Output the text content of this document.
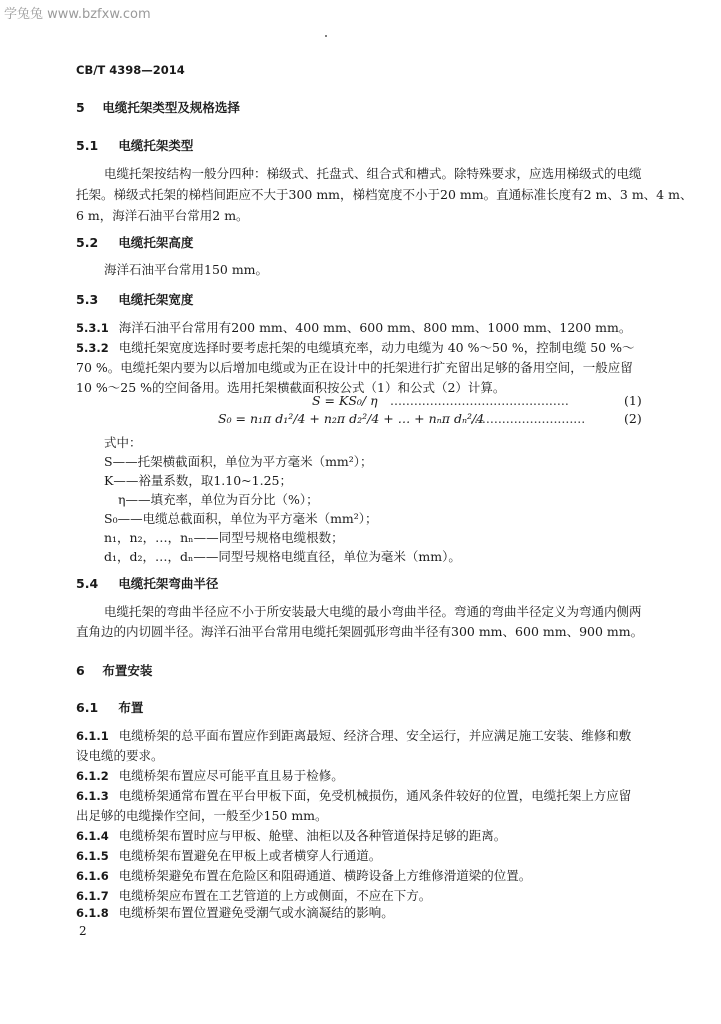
学兔兔 www.bzfxw.com
CB/T 4398—2014
5 电缆托架类型及规格选择
5.1 电缆托架类型
电缆托架按结构一般分四种：梯级式、托盘式、组合式和槽式。除特殊要求，应选用梯级式的电缆
托架。梯级式托架的梯档间距应不大于300 mm，梯档宽度不小于20 mm。直通标准长度有2 m、3 m、4 m、
6 m，海洋石油平台常用2 m。
5.2 电缆托架高度
海洋石油平台常用150 mm。
5.3 电缆托架宽度
5.3.1 海洋石油平台常用有200 mm、400 mm、600 mm、800 mm、1000 mm、1200 mm。
5.3.2 电缆托架宽度选择时要考虑托架的电缆填充率，动力电缆为 40 %～50 %，控制电缆 50 %～
70 %。电缆托架内要为以后增加电缆或为正在设计中的托架进行扩充留出足够的备用空间，一般应留
10 %～25 %的空间备用。选用托架横截面积按公式（1）和公式（2）计算。
S = KS₀/ η .............................................	(1)
S₀ = n₁π d₁²/4 + n₂π d₂²/4 + … + nₙπ dₙ²/4
.............................	(2)
式中：
S——托架横截面积，单位为平方毫米（mm²）；
K——裕量系数，取1.10~1.25；
η——填充率，单位为百分比（%）；
S₀——电缆总截面积，单位为平方毫米（mm²）；
n₁，n₂，…，nₙ——同型号规格电缆根数；
d₁，d₂，…，dₙ——同型号规格电缆直径，单位为毫米（mm）。
5.4 电缆托架弯曲半径
电缆托架的弯曲半径应不小于所安装最大电缆的最小弯曲半径。弯通的弯曲半径定义为弯通内侧两
直角边的内切圆半径。海洋石油平台常用电缆托架圆弧形弯曲半径有300 mm、600 mm、900 mm。
6 布置安装
6.1 布置
6.1.1 电缆桥架的总平面布置应作到距离最短、经济合理、安全运行，并应满足施工安装、维修和敷
设电缆的要求。
6.1.2 电缆桥架布置应尽可能平直且易于检修。
6.1.3 电缆桥架通常布置在平台甲板下面，免受机械损伤，通风条件较好的位置，电缆托架上方应留
出足够的电缆操作空间，一般至少150 mm。
6.1.4 电缆桥架布置时应与甲板、舱壁、油柜以及各种管道保持足够的距离。
6.1.5 电缆桥架布置避免在甲板上或者横穿人行通道。
6.1.6 电缆桥架避免布置在危险区和阻碍通道、横跨设备上方维修滑道梁的位置。
6.1.7 电缆桥架应布置在工艺管道的上方或侧面，不应在下方。
6.1.8 电缆桥架布置位置避免受潮气或水滴凝结的影响。
2
